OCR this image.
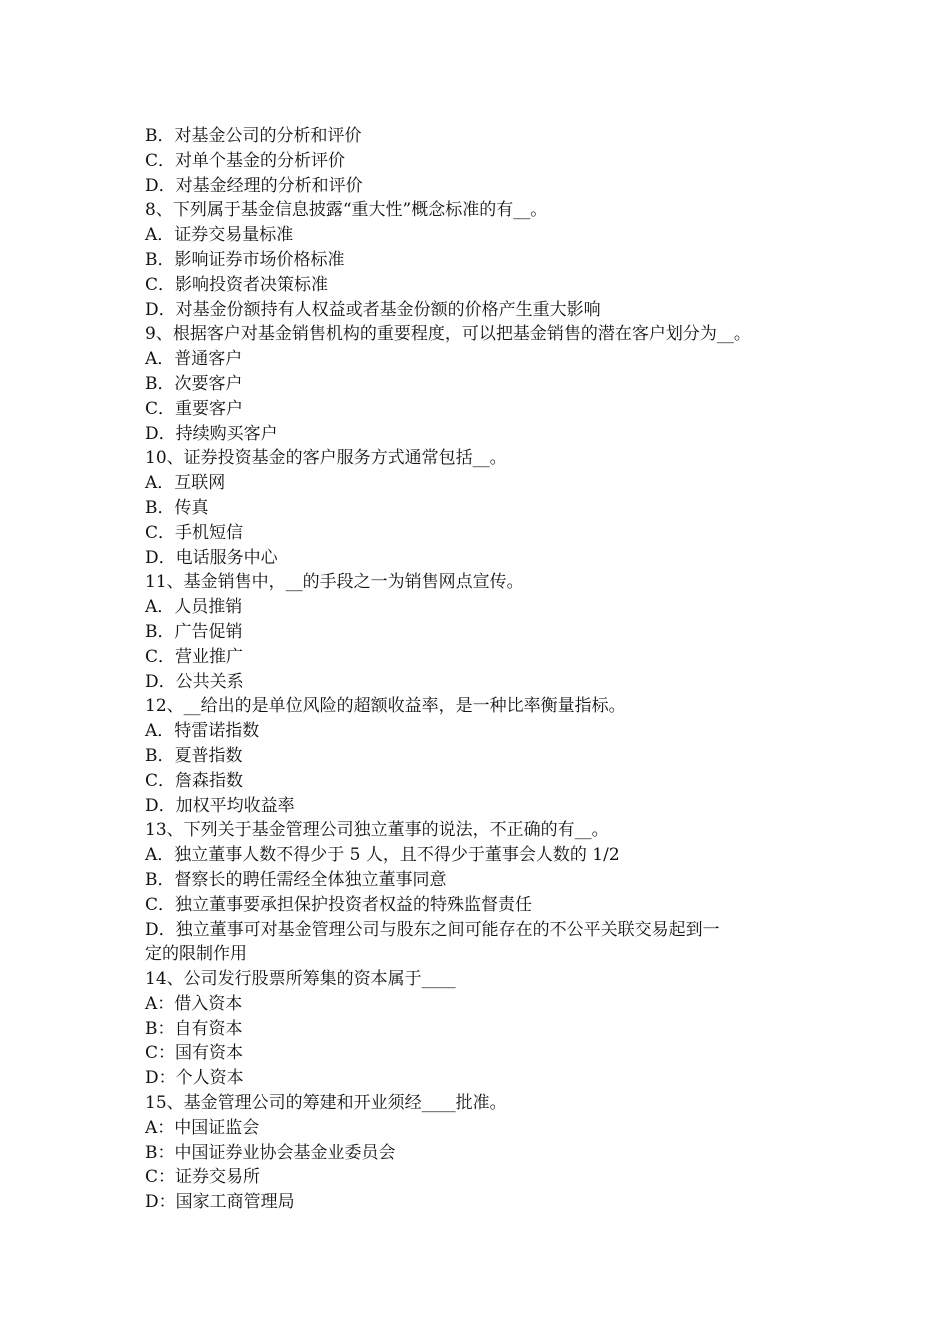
B．对基金公司的分析和评价
C．对单个基金的分析评价
D．对基金经理的分析和评价
8、下列属于基金信息披露“重大性”概念标准的有__。
A．证券交易量标准
B．影响证券市场价格标准
C．影响投资者决策标准
D．对基金份额持有人权益或者基金份额的价格产生重大影响
9、根据客户对基金销售机构的重要程度，可以把基金销售的潜在客户划分为__。
A．普通客户
B．次要客户
C．重要客户
D．持续购买客户
10、证券投资基金的客户服务方式通常包括__。
A．互联网
B．传真
C．手机短信
D．电话服务中心
11、基金销售中，__的手段之一为销售网点宣传。
A．人员推销
B．广告促销
C．营业推广
D．公共关系
12、__给出的是单位风险的超额收益率，是一种比率衡量指标。
A．特雷诺指数
B．夏普指数
C．詹森指数
D．加权平均收益率
13、下列关于基金管理公司独立董事的说法，不正确的有__。
A．独立董事人数不得少于 5 人，且不得少于董事会人数的 1/2
B．督察长的聘任需经全体独立董事同意
C．独立董事要承担保护投资者权益的特殊监督责任
D．独立董事可对基金管理公司与股东之间可能存在的不公平关联交易起到一
定的限制作用
14、公司发行股票所筹集的资本属于____
A：借入资本
B：自有资本
C：国有资本
D：个人资本
15、基金管理公司的筹建和开业须经____批准。
A：中国证监会
B：中国证券业协会基金业委员会
C：证券交易所
D：国家工商管理局
